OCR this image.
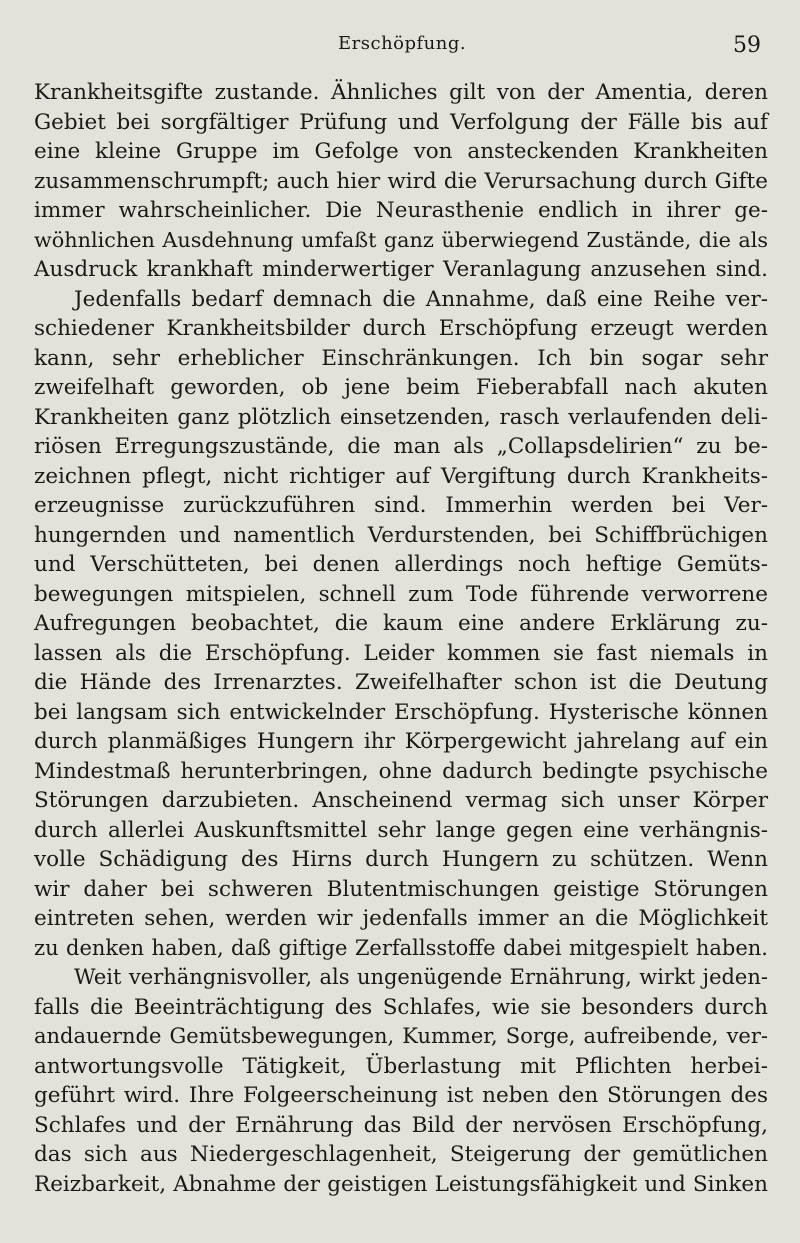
Erschöpfung.	59
Krankheitsgifte zustande. Ähnliches gilt von der Amentia, deren
Gebiet bei sorgfältiger Prüfung und Verfolgung der Fälle bis auf
eine kleine Gruppe im Gefolge von ansteckenden Krankheiten
zusammenschrumpft; auch hier wird die Verursachung durch Gifte
immer wahrscheinlicher. Die Neurasthenie endlich in ihrer ge-
wöhnlichen Ausdehnung umfaßt ganz überwiegend Zustände, die als
Ausdruck krankhaft minderwertiger Veranlagung anzusehen sind.
Jedenfalls bedarf demnach die Annahme, daß eine Reihe ver-
schiedener Krankheitsbilder durch Erschöpfung erzeugt werden
kann, sehr erheblicher Einschränkungen. Ich bin sogar sehr
zweifelhaft geworden, ob jene beim Fieberabfall nach akuten
Krankheiten ganz plötzlich einsetzenden, rasch verlaufenden deli-
riösen Erregungszustände, die man als „Collapsdelirien“ zu be-
zeichnen pflegt, nicht richtiger auf Vergiftung durch Krankheits-
erzeugnisse zurückzuführen sind. Immerhin werden bei Ver-
hungernden und namentlich Verdurstenden, bei Schiffbrüchigen
und Verschütteten, bei denen allerdings noch heftige Gemüts-
bewegungen mitspielen, schnell zum Tode führende verworrene
Aufregungen beobachtet, die kaum eine andere Erklärung zu-
lassen als die Erschöpfung. Leider kommen sie fast niemals in
die Hände des Irrenarztes. Zweifelhafter schon ist die Deutung
bei langsam sich entwickelnder Erschöpfung. Hysterische können
durch planmäßiges Hungern ihr Körpergewicht jahrelang auf ein
Mindestmaß herunterbringen, ohne dadurch bedingte psychische
Störungen darzubieten. Anscheinend vermag sich unser Körper
durch allerlei Auskunftsmittel sehr lange gegen eine verhängnis-
volle Schädigung des Hirns durch Hungern zu schützen. Wenn
wir daher bei schweren Blutentmischungen geistige Störungen
eintreten sehen, werden wir jedenfalls immer an die Möglichkeit
zu denken haben, daß giftige Zerfallsstoffe dabei mitgespielt haben.
Weit verhängnisvoller, als ungenügende Ernährung, wirkt jeden-
falls die Beeinträchtigung des Schlafes, wie sie besonders durch
andauernde Gemütsbewegungen, Kummer, Sorge, aufreibende, ver-
antwortungsvolle Tätigkeit, Überlastung mit Pflichten herbei-
geführt wird. Ihre Folgeerscheinung ist neben den Störungen des
Schlafes und der Ernährung das Bild der nervösen Erschöpfung,
das sich aus Niedergeschlagenheit, Steigerung der gemütlichen
Reizbarkeit, Abnahme der geistigen Leistungsfähigkeit und Sinken
